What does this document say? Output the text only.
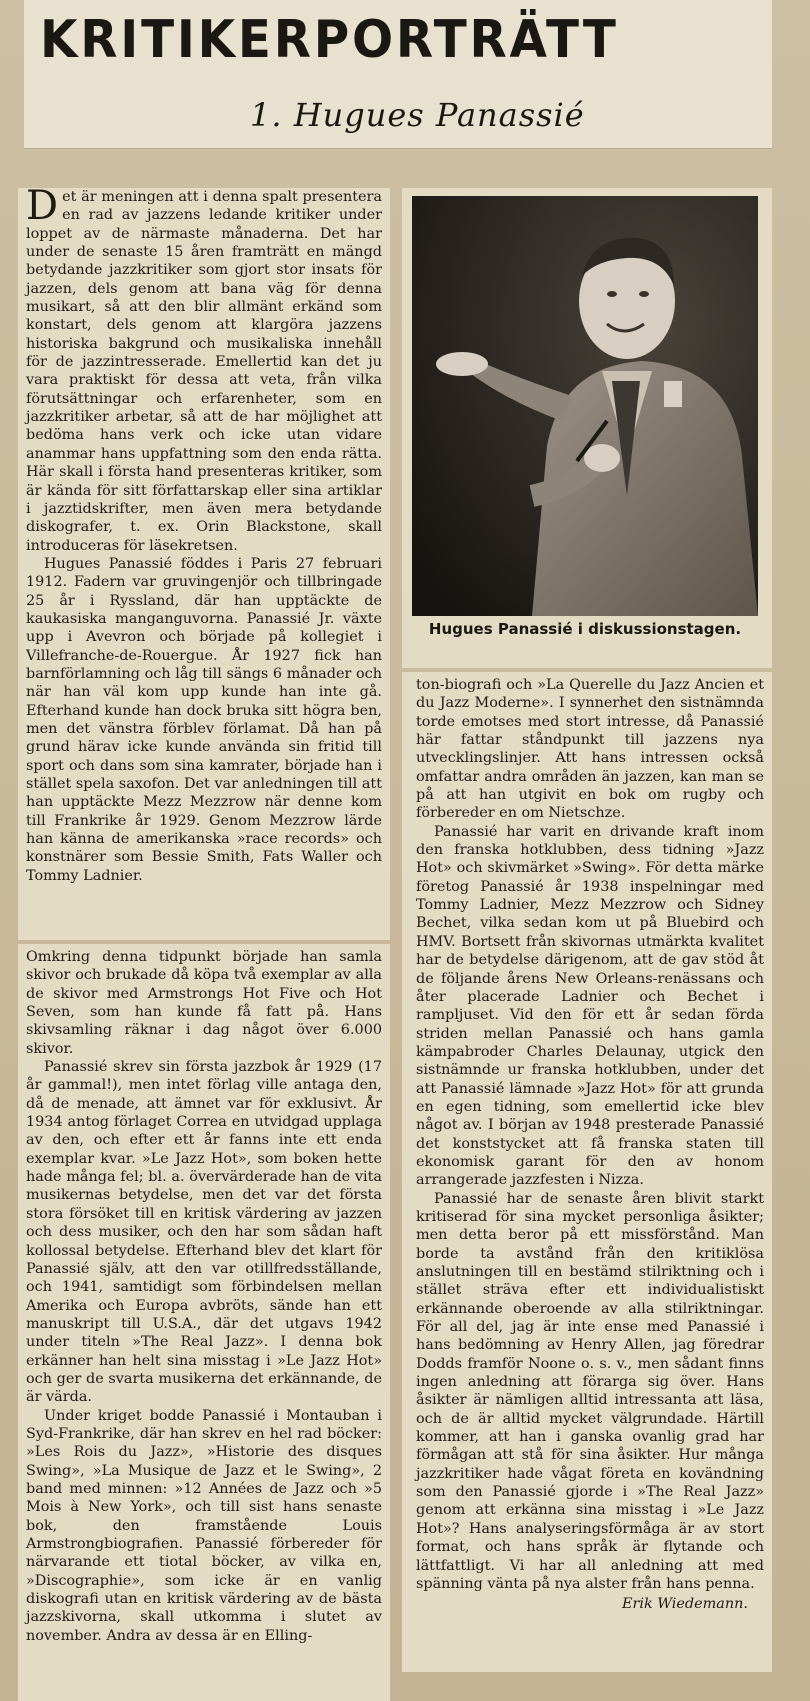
KRITIKERPORTRÄTT
1. Hugues Panassié

Det är meningen att i denna spalt presentera en rad av jazzens ledande kritiker under loppet av de närmaste månaderna. Det har under de senaste 15 åren framträtt en mängd betydande jazzkritiker som gjort stor insats för jazzen, dels genom att bana väg för denna musikart, så att den blir allmänt erkänd som konstart, dels genom att klargöra jazzens historiska bakgrund och musikaliska innehåll för de jazzintresserade. Emellertid kan det ju vara praktiskt för dessa att veta, från vilka förutsättningar och erfarenheter, som en jazzkritiker arbetar, så att de har möjlighet att bedöma hans verk och icke utan vidare anammar hans uppfattning som den enda rätta. Här skall i första hand presenteras kritiker, som är kända för sitt författarskap eller sina artiklar i jazztidskrifter, men även mera betydande diskografer, t. ex. Orin Blackstone, skall introduceras för läsekretsen.

Hugues Panassié föddes i Paris 27 februari 1912. Fadern var gruvingenjör och tillbringade 25 år i Ryssland, där han upptäckte de kaukasiska manganguvorna. Panassié Jr. växte upp i Avevron och började på kollegiet i Villefranche-de-Rouergue. År 1927 fick han barnförlamning och låg till sängs 6 månader och när han väl kom upp kunde han inte gå. Efterhand kunde han dock bruka sitt högra ben, men det vänstra förblev förlamat. Då han på grund härav icke kunde använda sin fritid till sport och dans som sina kamrater, började han i stället spela saxofon. Det var anledningen till att han upptäckte Mezz Mezzrow när denne kom till Frankrike år 1929. Genom Mezzrow lärde han känna de amerikanska »race records» och konstnärer som Bessie Smith, Fats Waller och Tommy Ladnier.

Omkring denna tidpunkt började han samla skivor och brukade då köpa två exemplar av alla de skivor med Armstrongs Hot Five och Hot Seven, som han kunde få fatt på. Hans skivsamling räknar i dag något över 6.000 skivor.

Panassié skrev sin första jazzbok år 1929 (17 år gammal!), men intet förlag ville antaga den, då de menade, att ämnet var för exklusivt. År 1934 antog förlaget Correa en utvidgad upplaga av den, och efter ett år fanns inte ett enda exemplar kvar. »Le Jazz Hot», som boken hette hade många fel; bl. a. övervärderade han de vita musikernas betydelse, men det var det första stora försöket till en kritisk värdering av jazzen och dess musiker, och den har som sådan haft kollossal betydelse. Efterhand blev det klart för Panassié själv, att den var otillfredsställande, och 1941, samtidigt som förbindelsen mellan Amerika och Europa avbröts, sände han ett manuskript till U.S.A., där det utgavs 1942 under titeln »The Real Jazz». I denna bok erkänner han helt sina misstag i »Le Jazz Hot» och ger de svarta musikerna det erkännande, de är värda.

Under kriget bodde Panassié i Montauban i Syd-Frankrike, där han skrev en hel rad böcker: »Les Rois du Jazz», »Historie des disques Swing», »La Musique de Jazz et le Swing», 2 band med minnen: »12 Années de Jazz och »5 Mois à New York», och till sist hans senaste bok, den framstående Louis Armstrongbiografien. Panassié förbereder för närvarande ett tiotal böcker, av vilka en, »Discographie», som icke är en vanlig diskografi utan en kritisk värdering av de bästa jazzskivorna, skall utkomma i slutet av november. Andra av dessa är en Elling-

Hugues Panassié i diskussionstagen.

ton-biografi och »La Querelle du Jazz Ancien et du Jazz Moderne». I synnerhet den sistnämnda torde emotses med stort intresse, då Panassié här fattar ståndpunkt till jazzens nya utvecklingslinjer. Att hans intressen också omfattar andra områden än jazzen, kan man se på att han utgivit en bok om rugby och förbereder en om Nietschze.

Panassié har varit en drivande kraft inom den franska hotklubben, dess tidning »Jazz Hot» och skivmärket »Swing». För detta märke företog Panassié år 1938 inspelningar med Tommy Ladnier, Mezz Mezzrow och Sidney Bechet, vilka sedan kom ut på Bluebird och HMV. Bortsett från skivornas utmärkta kvalitet har de betydelse därigenom, att de gav stöd åt de följande årens New Orleans-renässans och åter placerade Ladnier och Bechet i rampljuset. Vid den för ett år sedan förda striden mellan Panassié och hans gamla kämpabroder Charles Delaunay, utgick den sistnämnde ur franska hotklubben, under det att Panassié lämnade »Jazz Hot» för att grunda en egen tidning, som emellertid icke blev något av. I början av 1948 presterade Panassié det konststycket att få franska staten till ekonomisk garant för den av honom arrangerade jazzfesten i Nizza.

Panassié har de senaste åren blivit starkt kritiserad för sina mycket personliga åsikter; men detta beror på ett missförstånd. Man borde ta avstånd från den kritiklösa anslutningen till en bestämd stilriktning och i stället sträva efter ett individualistiskt erkännande oberoende av alla stilriktningar. För all del, jag är inte ense med Panassié i hans bedömning av Henry Allen, jag föredrar Dodds framför Noone o. s. v., men sådant finns ingen anledning att förarga sig över. Hans åsikter är nämligen alltid intressanta att läsa, och de är alltid mycket välgrundade. Härtill kommer, att han i ganska ovanlig grad har förmågan att stå för sina åsikter. Hur många jazzkritiker hade vågat företa en kovändning som den Panassié gjorde i »The Real Jazz» genom att erkänna sina misstag i »Le Jazz Hot»? Hans analyseringsförmåga är av stort format, och hans språk är flytande och lättfattligt. Vi har all anledning att med spänning vänta på nya alster från hans penna.

Erik Wiedemann.
